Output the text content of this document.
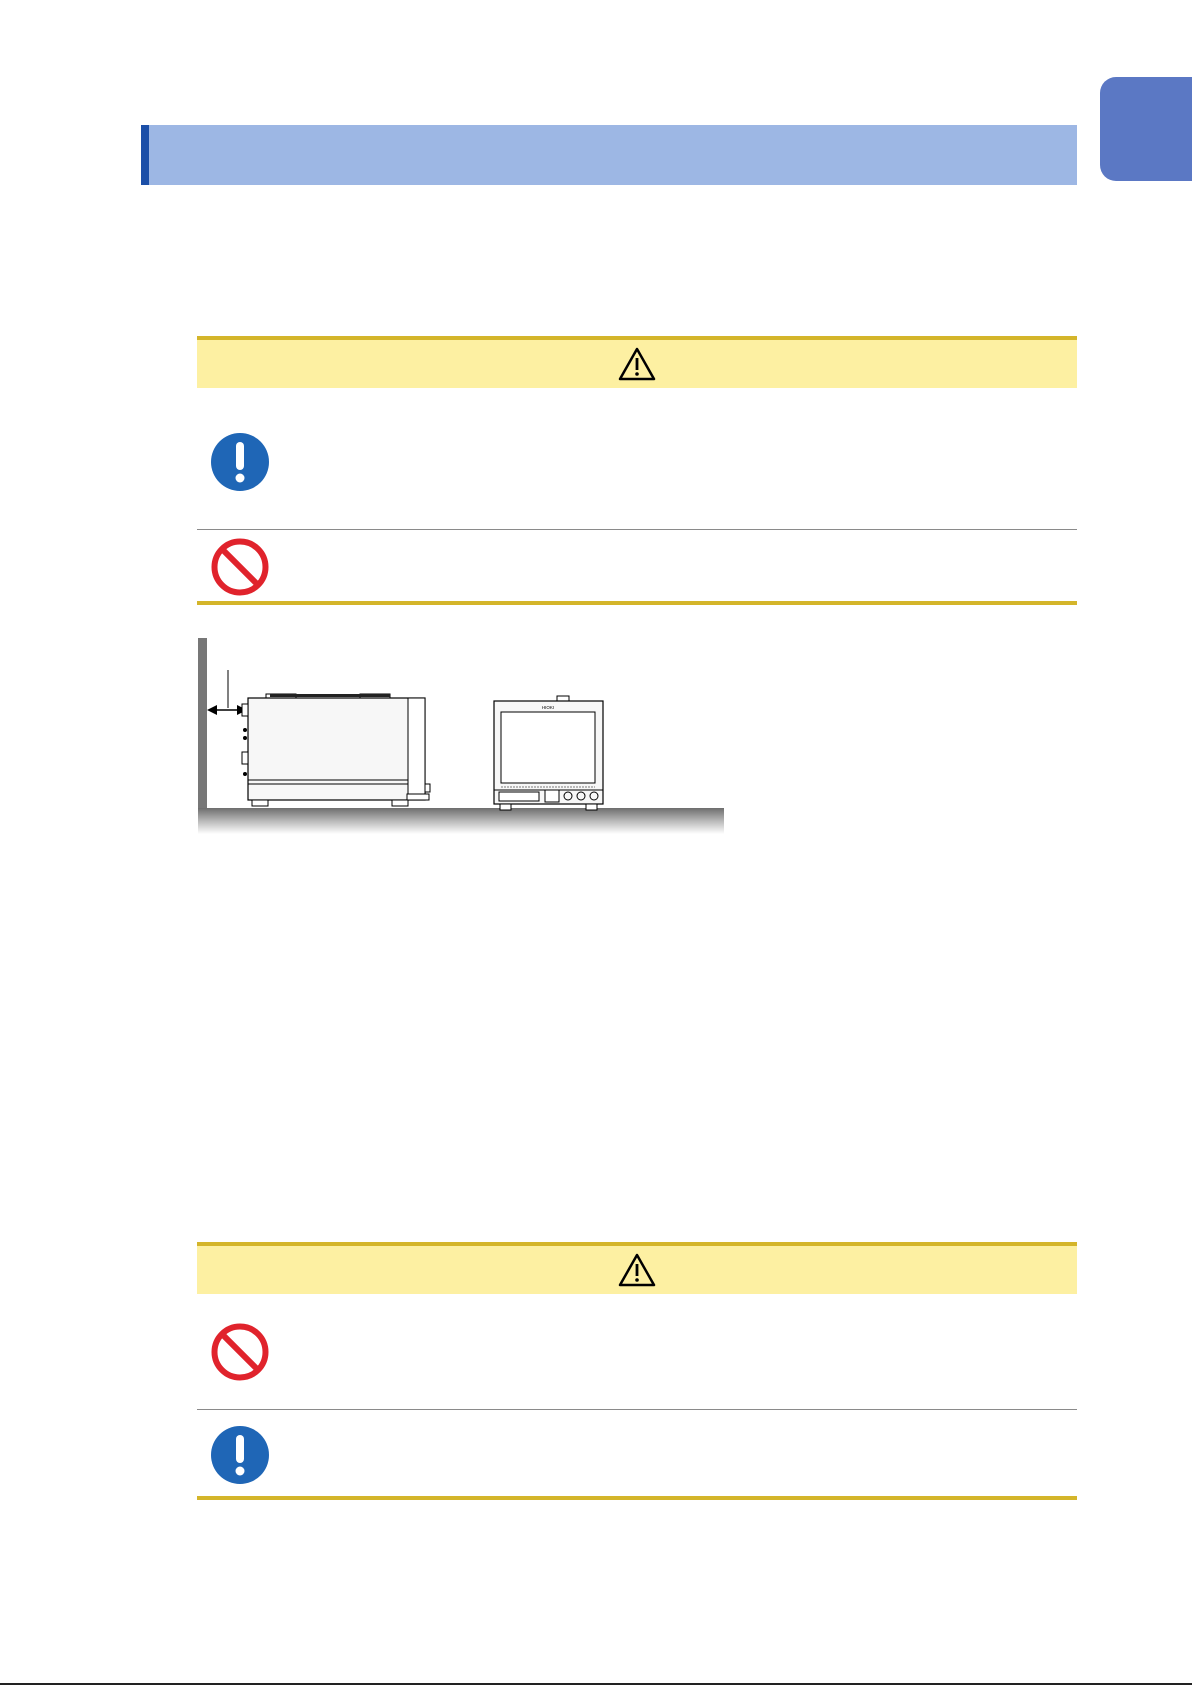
HIOKI
